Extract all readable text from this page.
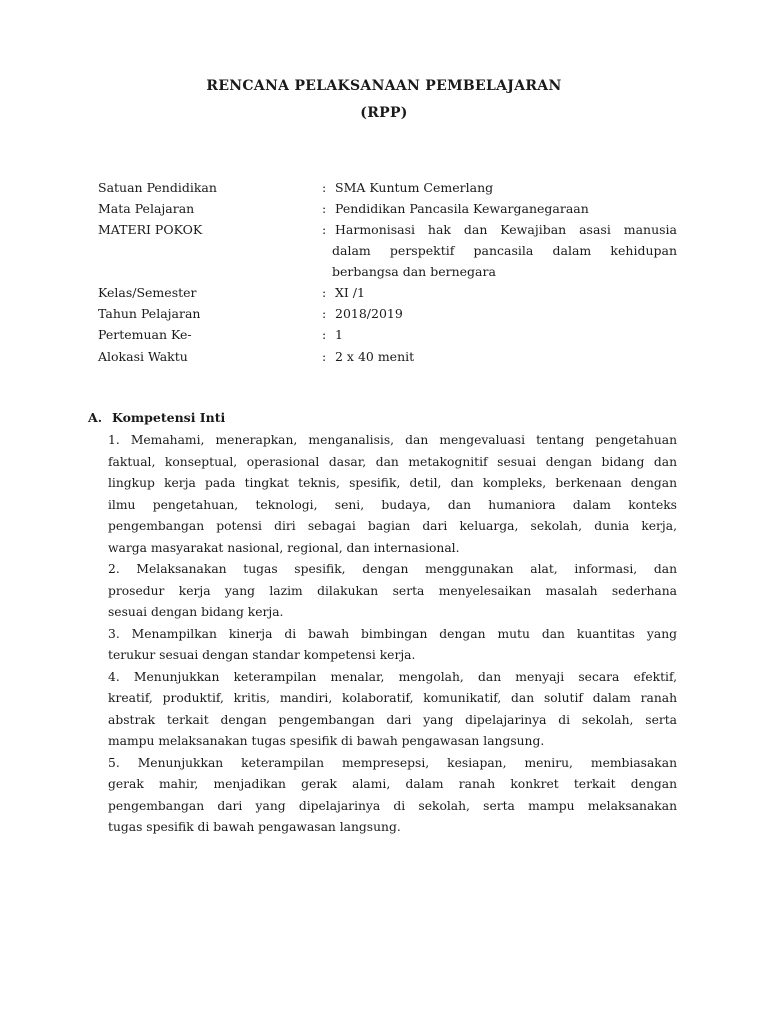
RENCANA PELAKSANAAN PEMBELAJARAN
(RPP)
Satuan Pendidikan	: SMA Kuntum Cemerlang
Mata Pelajaran	: Pendidikan Pancasila Kewarganegaraan
MATERI POKOK	: Harmonisasi hak dan Kewajiban asasi manusia
dalam perspektif pancasila dalam kehidupan
berbangsa dan bernegara
Kelas/Semester	: XI /1
Tahun Pelajaran	: 2018/2019
Pertemuan Ke-	: 1
Alokasi Waktu	: 2 x 40 menit
A. Kompetensi Inti
1. Memahami, menerapkan, menganalisis, dan mengevaluasi tentang pengetahuan
faktual, konseptual, operasional dasar, dan metakognitif sesuai dengan bidang dan
lingkup kerja pada tingkat teknis, spesifik, detil, dan kompleks, berkenaan dengan
ilmu pengetahuan, teknologi, seni, budaya, dan humaniora dalam konteks
pengembangan potensi diri sebagai bagian dari keluarga, sekolah, dunia kerja,
warga masyarakat nasional, regional, dan internasional.
2. Melaksanakan tugas spesifik, dengan menggunakan alat, informasi, dan
prosedur kerja yang lazim dilakukan serta menyelesaikan masalah sederhana
sesuai dengan bidang kerja.
3. Menampilkan kinerja di bawah bimbingan dengan mutu dan kuantitas yang
terukur sesuai dengan standar kompetensi kerja.
4. Menunjukkan keterampilan menalar, mengolah, dan menyaji secara efektif,
kreatif, produktif, kritis, mandiri, kolaboratif, komunikatif, dan solutif dalam ranah
abstrak terkait dengan pengembangan dari yang dipelajarinya di sekolah, serta
mampu melaksanakan tugas spesifik di bawah pengawasan langsung.
5. Menunjukkan keterampilan mempresepsi, kesiapan, meniru, membiasakan
gerak mahir, menjadikan gerak alami, dalam ranah konkret terkait dengan
pengembangan dari yang dipelajarinya di sekolah, serta mampu melaksanakan
tugas spesifik di bawah pengawasan langsung.
